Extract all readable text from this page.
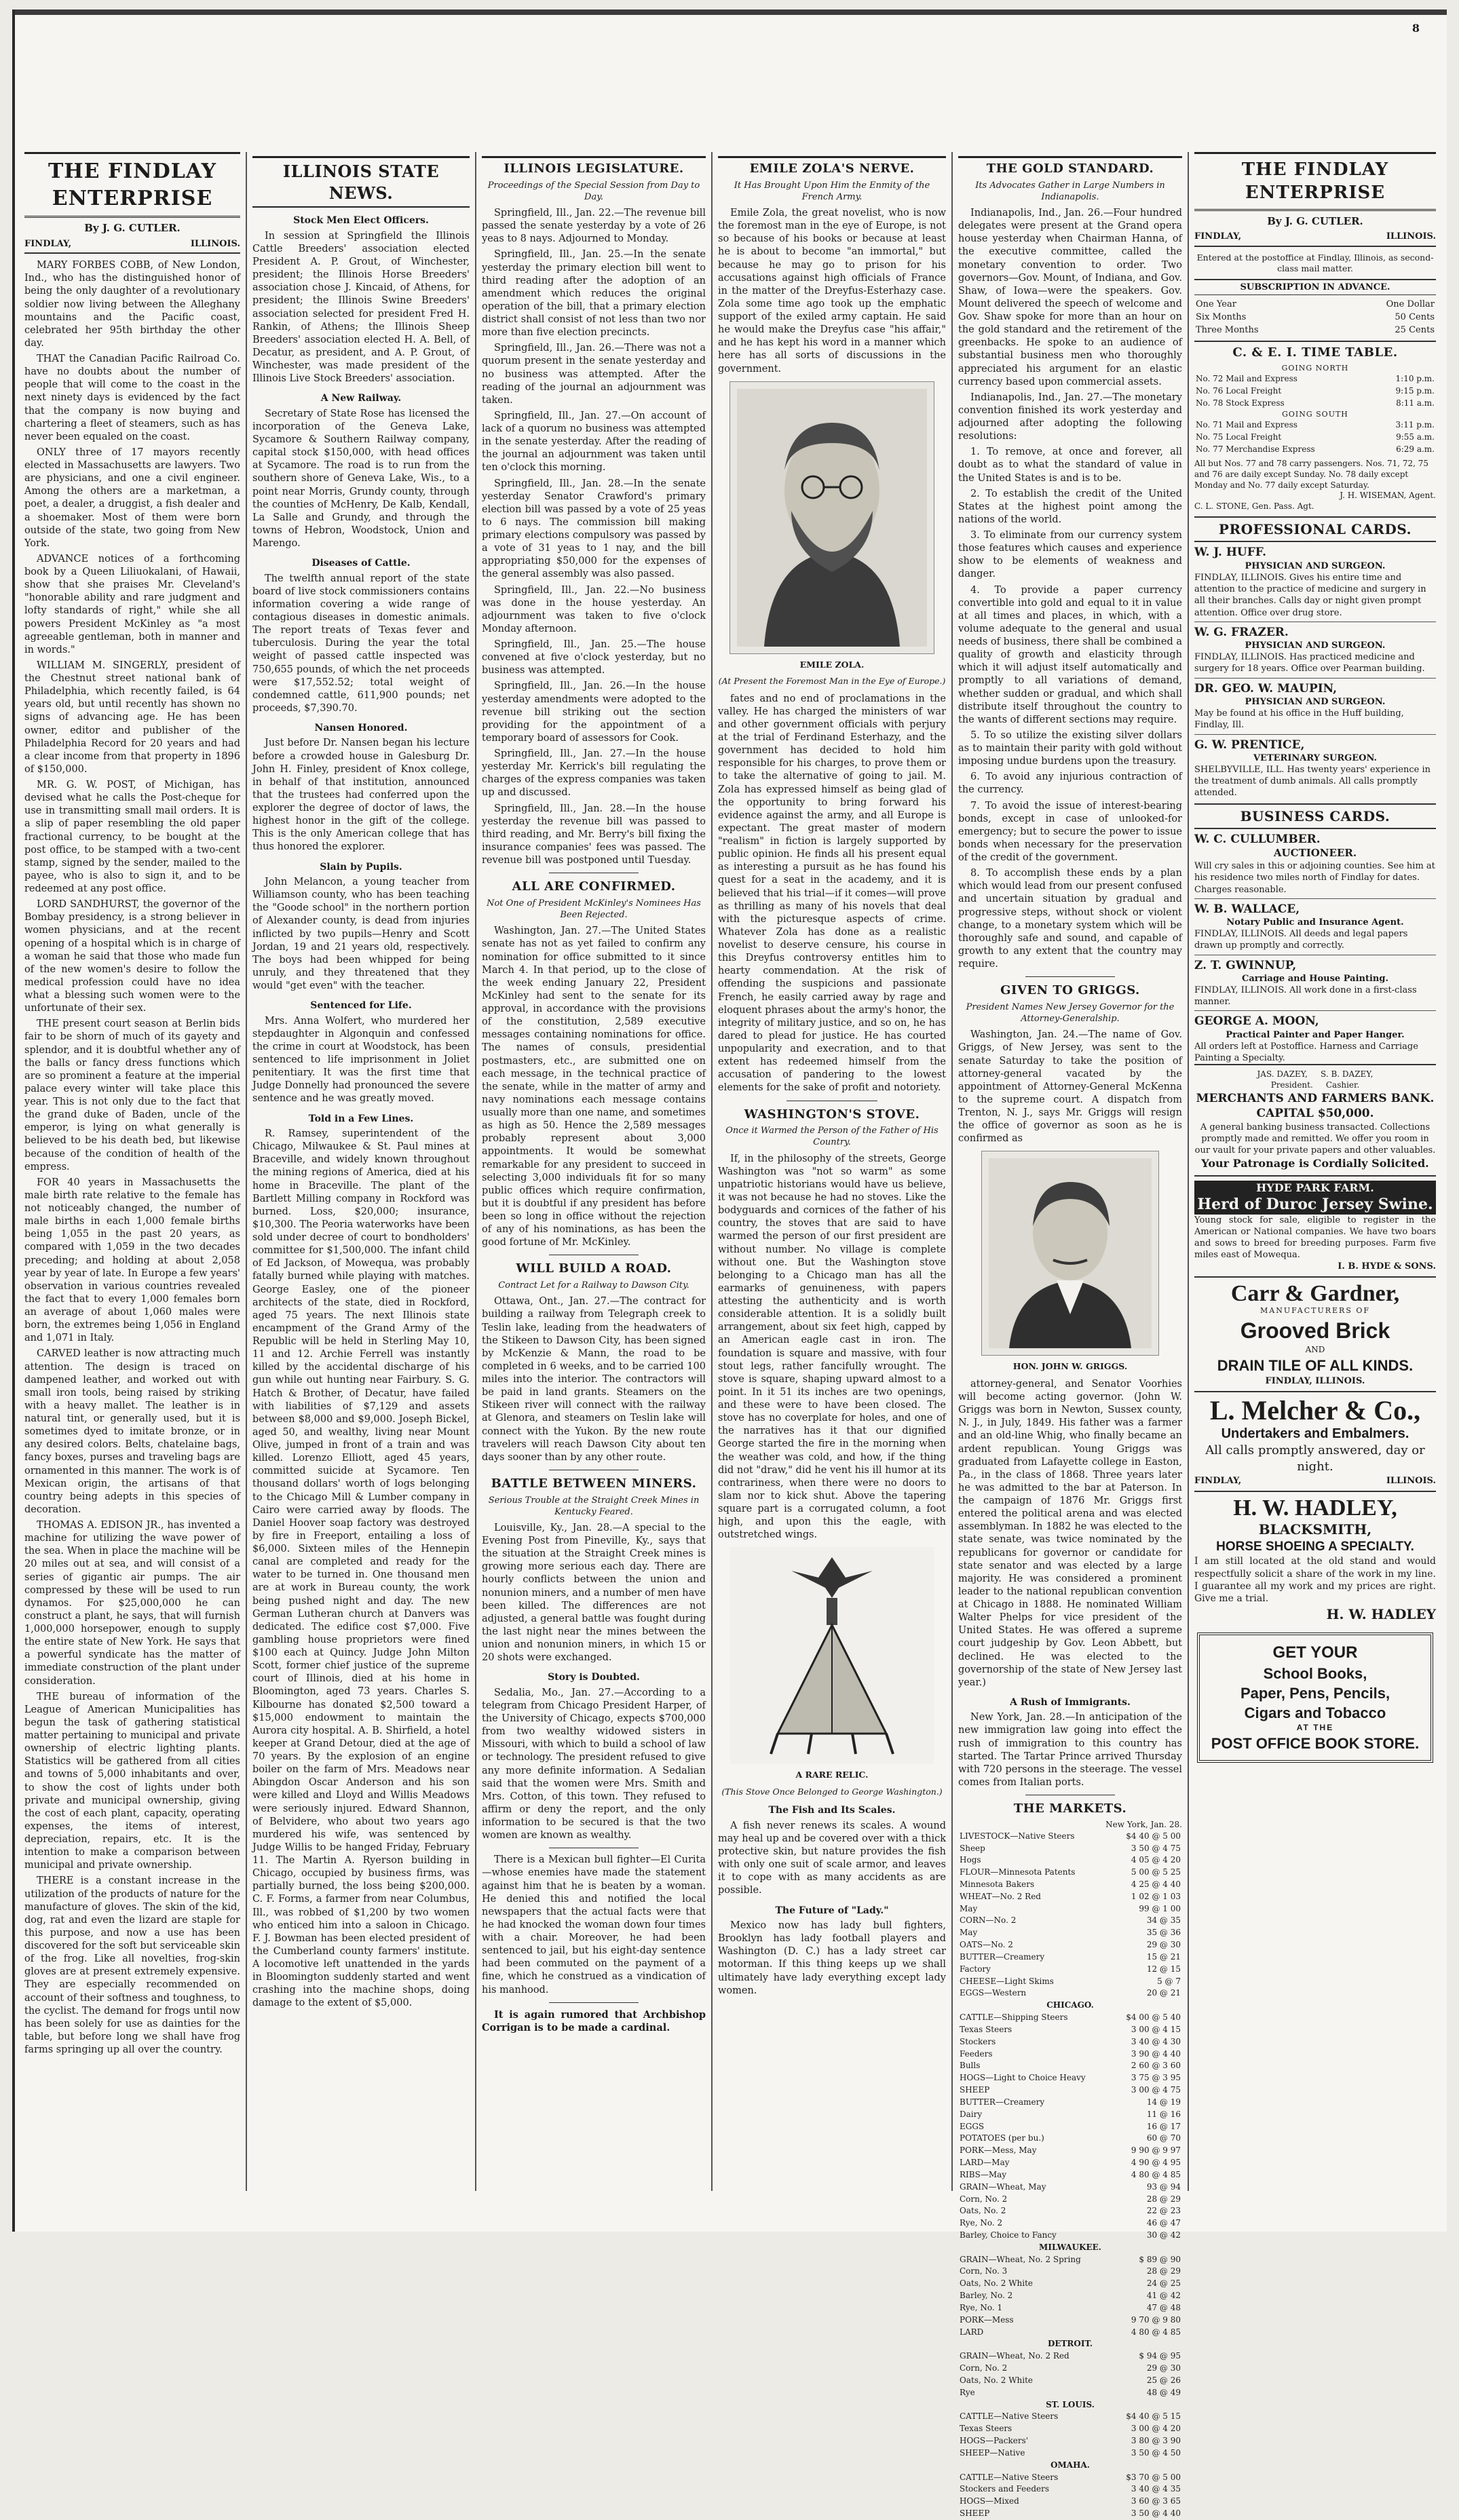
8
THE FINDLAY ENTERPRISE
By J. G. CUTLER.
FINDLAY,	ILLINOIS.

MARY FORBES COBB, of New London, Ind., who has the distinguished honor of being the only daughter of a revolutionary soldier now living between the Alleghany mountains and the Pacific coast, celebrated her 95th birthday the other day.

THAT the Canadian Pacific Railroad Co. have no doubts about the number of people that will come to the coast in the next ninety days is evidenced by the fact that the company is now buying and chartering a fleet of steamers, such as has never been equaled on the coast.

ONLY three of 17 mayors recently elected in Massachusetts are lawyers. Two are physicians, and one a civil engineer. Among the others are a marketman, a poet, a dealer, a druggist, a fish dealer and a shoemaker. Most of them were born outside of the state, two going from New York.

ADVANCE notices of a forthcoming book by a Queen Liliuokalani, of Hawaii, show that she praises Mr. Cleveland's "honorable ability and rare judgment and lofty standards of right," while she all powers President McKinley as "a most agreeable gentleman, both in manner and in words."

WILLIAM M. SINGERLY, president of the Chestnut street national bank of Philadelphia, which recently failed, is 64 years old, but until recently has shown no signs of advancing age. He has been owner, editor and publisher of the Philadelphia Record for 20 years and had a clear income from that property in 1896 of $150,000.

MR. G. W. POST, of Michigan, has devised what he calls the Post-cheque for use in transmitting small mail orders. It is a slip of paper resembling the old paper fractional currency, to be bought at the post office, to be stamped with a two-cent stamp, signed by the sender, mailed to the payee, who is also to sign it, and to be redeemed at any post office.

LORD SANDHURST, the governor of the Bombay presidency, is a strong believer in women physicians, and at the recent opening of a hospital which is in charge of a woman he said that those who made fun of the new women's desire to follow the medical profession could have no idea what a blessing such women were to the unfortunate of their sex.

THE present court season at Berlin bids fair to be shorn of much of its gayety and splendor, and it is doubtful whether any of the balls or fancy dress functions which are so prominent a feature at the imperial palace every winter will take place this year. This is not only due to the fact that the grand duke of Baden, uncle of the emperor, is lying on what generally is believed to be his death bed, but likewise because of the condition of health of the empress.

FOR 40 years in Massachusetts the male birth rate relative to the female has not noticeably changed, the number of male births in each 1,000 female births being 1,055 in the past 20 years, as compared with 1,059 in the two decades preceding; and holding at about 2,058 year by year of late. In Europe a few years' observation in various countries revealed the fact that to every 1,000 females born an average of about 1,060 males were born, the extremes being 1,056 in England and 1,071 in Italy.

CARVED leather is now attracting much attention. The design is traced on dampened leather, and worked out with small iron tools, being raised by striking with a heavy mallet. The leather is in natural tint, or generally used, but it is sometimes dyed to imitate bronze, or in any desired colors. Belts, chatelaine bags, fancy boxes, purses and traveling bags are ornamented in this manner. The work is of Mexican origin, the artisans of that country being adepts in this species of decoration.

THOMAS A. EDISON JR., has invented a machine for utilizing the wave power of the sea. When in place the machine will be 20 miles out at sea, and will consist of a series of gigantic air pumps. The air compressed by these will be used to run dynamos. For $25,000,000 he can construct a plant, he says, that will furnish 1,000,000 horsepower, enough to supply the entire state of New York. He says that a powerful syndicate has the matter of immediate construction of the plant under consideration.

THE bureau of information of the League of American Municipalities has begun the task of gathering statistical matter pertaining to municipal and private ownership of electric lighting plants. Statistics will be gathered from all cities and towns of 5,000 inhabitants and over, to show the cost of lights under both private and municipal ownership, giving the cost of each plant, capacity, operating expenses, the items of interest, depreciation, repairs, etc. It is the intention to make a comparison between municipal and private ownership.

THERE is a constant increase in the utilization of the products of nature for the manufacture of gloves. The skin of the kid, dog, rat and even the lizard are staple for this purpose, and now a use has been discovered for the soft but serviceable skin of the frog. Like all novelties, frog-skin gloves are at present extremely expensive. They are especially recommended on account of their softness and toughness, to the cyclist. The demand for frogs until now has been solely for use as dainties for the table, but before long we shall have frog farms springing up all over the country.

ILLINOIS STATE NEWS.
Stock Men Elect Officers.

In session at Springfield the Illinois Cattle Breeders' association elected President A. P. Grout, of Winchester, president; the Illinois Horse Breeders' association chose J. Kincaid, of Athens, for president; the Illinois Swine Breeders' association selected for president Fred H. Rankin, of Athens; the Illinois Sheep Breeders' association elected H. A. Bell, of Decatur, as president, and A. P. Grout, of Winchester, was made president of the Illinois Live Stock Breeders' association.

A New Railway.

Secretary of State Rose has licensed the incorporation of the Geneva Lake, Sycamore & Southern Railway company, capital stock $150,000, with head offices at Sycamore. The road is to run from the southern shore of Geneva Lake, Wis., to a point near Morris, Grundy county, through the counties of McHenry, De Kalb, Kendall, La Salle and Grundy, and through the towns of Hebron, Woodstock, Union and Marengo.

Diseases of Cattle.

The twelfth annual report of the state board of live stock commissioners contains information covering a wide range of contagious diseases in domestic animals. The report treats of Texas fever and tuberculosis. During the year the total weight of passed cattle inspected was 750,655 pounds, of which the net proceeds were $17,552.52; total weight of condemned cattle, 611,900 pounds; net proceeds, $7,390.70.

Nansen Honored.

Just before Dr. Nansen began his lecture before a crowded house in Galesburg Dr. John H. Finley, president of Knox college, in behalf of that institution, announced that the trustees had conferred upon the explorer the degree of doctor of laws, the highest honor in the gift of the college. This is the only American college that has thus honored the explorer.

Slain by Pupils.

John Melancon, a young teacher from Williamson county, who has been teaching the "Goode school" in the northern portion of Alexander county, is dead from injuries inflicted by two pupils—Henry and Scott Jordan, 19 and 21 years old, respectively. The boys had been whipped for being unruly, and they threatened that they would "get even" with the teacher.

Sentenced for Life.

Mrs. Anna Wolfert, who murdered her stepdaughter in Algonquin and confessed the crime in court at Woodstock, has been sentenced to life imprisonment in Joliet penitentiary. It was the first time that Judge Donnelly had pronounced the severe sentence and he was greatly moved.

Told in a Few Lines.

R. Ramsey, superintendent of the Chicago, Milwaukee & St. Paul mines at Braceville, and widely known throughout the mining regions of America, died at his home in Braceville. The plant of the Bartlett Milling company in Rockford was burned. Loss, $20,000; insurance, $10,300. The Peoria waterworks have been sold under decree of court to bondholders' committee for $1,500,000. The infant child of Ed Jackson, of Mowequa, was probably fatally burned while playing with matches. George Easley, one of the pioneer architects of the state, died in Rockford, aged 75 years. The next Illinois state encampment of the Grand Army of the Republic will be held in Sterling May 10, 11 and 12. Archie Ferrell was instantly killed by the accidental discharge of his gun while out hunting near Fairbury. S. G. Hatch & Brother, of Decatur, have failed with liabilities of $7,129 and assets between $8,000 and $9,000. Joseph Bickel, aged 50, and wealthy, living near Mount Olive, jumped in front of a train and was killed. Lorenzo Elliott, aged 45 years, committed suicide at Sycamore. Ten thousand dollars' worth of logs belonging to the Chicago Mill & Lumber company in Cairo were carried away by floods. The Daniel Hoover soap factory was destroyed by fire in Freeport, entailing a loss of $6,000. Sixteen miles of the Hennepin canal are completed and ready for the water to be turned in. One thousand men are at work in Bureau county, the work being pushed night and day. The new German Lutheran church at Danvers was dedicated. The edifice cost $7,000. Five gambling house proprietors were fined $100 each at Quincy. Judge John Milton Scott, former chief justice of the supreme court of Illinois, died at his home in Bloomington, aged 73 years. Charles S. Kilbourne has donated $2,500 toward a $15,000 endowment to maintain the Aurora city hospital. A. B. Shirfield, a hotel keeper at Grand Detour, died at the age of 70 years. By the explosion of an engine boiler on the farm of Mrs. Meadows near Abingdon Oscar Anderson and his son were killed and Lloyd and Willis Meadows were seriously injured. Edward Shannon, of Belvidere, who about two years ago murdered his wife, was sentenced by Judge Willis to be hanged Friday, February 11. The Martin A. Ryerson building in Chicago, occupied by business firms, was partially burned, the loss being $200,000. C. F. Forms, a farmer from near Columbus, Ill., was robbed of $1,200 by two women who enticed him into a saloon in Chicago. F. J. Bowman has been elected president of the Cumberland county farmers' institute. A locomotive left unattended in the yards in Bloomington suddenly started and went crashing into the machine shops, doing damage to the extent of $5,000.

ILLINOIS LEGISLATURE.
Proceedings of the Special Session from Day to Day.

Springfield, Ill., Jan. 22.—The revenue bill passed the senate yesterday by a vote of 26 yeas to 8 nays. Adjourned to Monday.

Springfield, Ill., Jan. 25.—In the senate yesterday the primary election bill went to third reading after the adoption of an amendment which reduces the original operation of the bill, that a primary election district shall consist of not less than two nor more than five election precincts.

Springfield, Ill., Jan. 26.—There was not a quorum present in the senate yesterday and no business was attempted. After the reading of the journal an adjournment was taken.

Springfield, Ill., Jan. 27.—On account of lack of a quorum no business was attempted in the senate yesterday. After the reading of the journal an adjournment was taken until ten o'clock this morning.

Springfield, Ill., Jan. 28.—In the senate yesterday Senator Crawford's primary election bill was passed by a vote of 25 yeas to 6 nays. The commission bill making primary elections compulsory was passed by a vote of 31 yeas to 1 nay, and the bill appropriating $50,000 for the expenses of the general assembly was also passed.

Springfield, Ill., Jan. 22.—No business was done in the house yesterday. An adjournment was taken to five o'clock Monday afternoon.

Springfield, Ill., Jan. 25.—The house convened at five o'clock yesterday, but no business was attempted.

Springfield, Ill., Jan. 26.—In the house yesterday amendments were adopted to the revenue bill striking out the section providing for the appointment of a temporary board of assessors for Cook.

Springfield, Ill., Jan. 27.—In the house yesterday Mr. Kerrick's bill regulating the charges of the express companies was taken up and discussed.

Springfield, Ill., Jan. 28.—In the house yesterday the revenue bill was passed to third reading, and Mr. Berry's bill fixing the insurance companies' fees was passed. The revenue bill was postponed until Tuesday.

ALL ARE CONFIRMED.
Not One of President McKinley's Nominees Has Been Rejected.

Washington, Jan. 27.—The United States senate has not as yet failed to confirm any nomination for office submitted to it since March 4. In that period, up to the close of the week ending January 22, President McKinley had sent to the senate for its approval, in accordance with the provisions of the constitution, 2,589 executive messages containing nominations for office. The names of consuls, presidential postmasters, etc., are submitted one on each message, in the technical practice of the senate, while in the matter of army and navy nominations each message contains usually more than one name, and sometimes as high as 50. Hence the 2,589 messages probably represent about 3,000 appointments. It would be somewhat remarkable for any president to succeed in selecting 3,000 individuals fit for so many public offices which require confirmation, but it is doubtful if any president has before been so long in office without the rejection of any of his nominations, as has been the good fortune of Mr. McKinley.

WILL BUILD A ROAD.
Contract Let for a Railway to Dawson City.

Ottawa, Ont., Jan. 27.—The contract for building a railway from Telegraph creek to Teslin lake, leading from the headwaters of the Stikeen to Dawson City, has been signed by McKenzie & Mann, the road to be completed in 6 weeks, and to be carried 100 miles into the interior. The contractors will be paid in land grants. Steamers on the Stikeen river will connect with the railway at Glenora, and steamers on Teslin lake will connect with the Yukon. By the new route travelers will reach Dawson City about ten days sooner than by any other route.

BATTLE BETWEEN MINERS.
Serious Trouble at the Straight Creek Mines in Kentucky Feared.

Louisville, Ky., Jan. 28.—A special to the Evening Post from Pineville, Ky., says that the situation at the Straight Creek mines is growing more serious each day. There are hourly conflicts between the union and nonunion miners, and a number of men have been killed. The differences are not adjusted, a general battle was fought during the last night near the mines between the union and nonunion miners, in which 15 or 20 shots were exchanged.

Story is Doubted.

Sedalia, Mo., Jan. 27.—According to a telegram from Chicago President Harper, of the University of Chicago, expects $700,000 from two wealthy widowed sisters in Missouri, with which to build a school of law or technology. The president refused to give any more definite information. A Sedalian said that the women were Mrs. Smith and Mrs. Cotton, of this town. They refused to affirm or deny the report, and the only information to be secured is that the two women are known as wealthy.

There is a Mexican bull fighter—El Curita—whose enemies have made the statement against him that he is beaten by a woman. He denied this and notified the local newspapers that the actual facts were that he had knocked the woman down four times with a chair. Moreover, he had been sentenced to jail, but his eight-day sentence had been commuted on the payment of a fine, which he construed as a vindication of his manhood.

It is again rumored that Archbishop Corrigan is to be made a cardinal.

EMILE ZOLA'S NERVE.
It Has Brought Upon Him the Enmity of the French Army.

Emile Zola, the great novelist, who is now the foremost man in the eye of Europe, is not so because of his books or because at least he is about to become "an immortal," but because he may go to prison for his accusations against high officials of France in the matter of the Dreyfus-Esterhazy case. Zola some time ago took up the emphatic support of the exiled army captain. He said he would make the Dreyfus case "his affair," and he has kept his word in a manner which here has all sorts of discussions in the government.

EMILE ZOLA.
(At Present the Foremost Man in the Eye of Europe.)

fates and no end of proclamations in the valley. He has charged the ministers of war and other government officials with perjury at the trial of Ferdinand Esterhazy, and the government has decided to hold him responsible for his charges, to prove them or to take the alternative of going to jail. M. Zola has expressed himself as being glad of the opportunity to bring forward his evidence against the army, and all Europe is expectant. The great master of modern "realism" in fiction is largely supported by public opinion. He finds all his present equal as interesting a pursuit as he has found his quest for a seat in the academy, and it is believed that his trial—if it comes—will prove as thrilling as many of his novels that deal with the picturesque aspects of crime. Whatever Zola has done as a realistic novelist to deserve censure, his course in this Dreyfus controversy entitles him to hearty commendation. At the risk of offending the suspicions and passionate French, he easily carried away by rage and eloquent phrases about the army's honor, the integrity of military justice, and so on, he has dared to plead for justice. He has courted unpopularity and execration, and to that extent has redeemed himself from the accusation of pandering to the lowest elements for the sake of profit and notoriety.

WASHINGTON'S STOVE.
Once it Warmed the Person of the Father of His Country.

If, in the philosophy of the streets, George Washington was "not so warm" as some unpatriotic historians would have us believe, it was not because he had no stoves. Like the bodyguards and cornices of the father of his country, the stoves that are said to have warmed the person of our first president are without number. No village is complete without one. But the Washington stove belonging to a Chicago man has all the earmarks of genuineness, with papers attesting the authenticity and is worth considerable attention. It is a solidly built arrangement, about six feet high, capped by an American eagle cast in iron. The foundation is square and massive, with four stout legs, rather fancifully wrought. The stove is square, shaping upward almost to a point. In it 51 its inches are two openings, and these were to have been closed. The stove has no coverplate for holes, and one of the narratives has it that our dignified George started the fire in the morning when the weather was cold, and how, if the thing did not "draw," did he vent his ill humor at its contrariness, when there were no doors to slam nor to kick shut. Above the tapering square part is a corrugated column, a foot high, and upon this the eagle, with outstretched wings.

A RARE RELIC.
(This Stove Once Belonged to George Washington.)
The Fish and Its Scales.

A fish never renews its scales. A wound may heal up and be covered over with a thick protective skin, but nature provides the fish with only one suit of scale armor, and leaves it to cope with as many accidents as are possible.

The Future of "Lady."

Mexico now has lady bull fighters, Brooklyn has lady football players and Washington (D. C.) has a lady street car motorman. If this thing keeps up we shall ultimately have lady everything except lady women.

THE GOLD STANDARD.
Its Advocates Gather in Large Numbers in Indianapolis.

Indianapolis, Ind., Jan. 26.—Four hundred delegates were present at the Grand opera house yesterday when Chairman Hanna, of the executive committee, called the monetary convention to order. Two governors—Gov. Mount, of Indiana, and Gov. Shaw, of Iowa—were the speakers. Gov. Mount delivered the speech of welcome and Gov. Shaw spoke for more than an hour on the gold standard and the retirement of the greenbacks. He spoke to an audience of substantial business men who thoroughly appreciated his argument for an elastic currency based upon commercial assets.

Indianapolis, Ind., Jan. 27.—The monetary convention finished its work yesterday and adjourned after adopting the following resolutions:

1. To remove, at once and forever, all doubt as to what the standard of value in the United States is and is to be.

2. To establish the credit of the United States at the highest point among the nations of the world.

3. To eliminate from our currency system those features which causes and experience show to be elements of weakness and danger.

4. To provide a paper currency convertible into gold and equal to it in value at all times and places, in which, with a volume adequate to the general and usual needs of business, there shall be combined a quality of growth and elasticity through which it will adjust itself automatically and promptly to all variations of demand, whether sudden or gradual, and which shall distribute itself throughout the country to the wants of different sections may require.

5. To so utilize the existing silver dollars as to maintain their parity with gold without imposing undue burdens upon the treasury.

6. To avoid any injurious contraction of the currency.

7. To avoid the issue of interest-bearing bonds, except in case of unlooked-for emergency; but to secure the power to issue bonds when necessary for the preservation of the credit of the government.

8. To accomplish these ends by a plan which would lead from our present confused and uncertain situation by gradual and progressive steps, without shock or violent change, to a monetary system which will be thoroughly safe and sound, and capable of growth to any extent that the country may require.

GIVEN TO GRIGGS.
President Names New Jersey Governor for the Attorney-Generalship.

Washington, Jan. 24.—The name of Gov. Griggs, of New Jersey, was sent to the senate Saturday to take the position of attorney-general vacated by the appointment of Attorney-General McKenna to the supreme court. A dispatch from Trenton, N. J., says Mr. Griggs will resign the office of governor as soon as he is confirmed as

HON. JOHN W. GRIGGS.

attorney-general, and Senator Voorhies will become acting governor. (John W. Griggs was born in Newton, Sussex county, N. J., in July, 1849. His father was a farmer and an old-line Whig, who finally became an ardent republican. Young Griggs was graduated from Lafayette college in Easton, Pa., in the class of 1868. Three years later he was admitted to the bar at Paterson. In the campaign of 1876 Mr. Griggs first entered the political arena and was elected assemblyman. In 1882 he was elected to the state senate, was twice nominated by the republicans for governor or candidate for state senator and was elected by a large majority. He was considered a prominent leader to the national republican convention at Chicago in 1888. He nominated William Walter Phelps for vice president of the United States. He was offered a supreme court judgeship by Gov. Leon Abbett, but declined. He was elected to the governorship of the state of New Jersey last year.)

A Rush of Immigrants.

New York, Jan. 28.—In anticipation of the new immigration law going into effect the rush of immigration to this country has started. The Tartar Prince arrived Thursday with 720 persons in the steerage. The vessel comes from Italian ports.

THE MARKETS.
New York, Jan. 28.
LIVESTOCK—Native Steers	$4 40 @ 5 00
Sheep	3 50 @ 4 75
Hogs	4 05 @ 4 20
FLOUR—Minnesota Patents	5 00 @ 5 25
Minnesota Bakers	4 25 @ 4 40
WHEAT—No. 2 Red	1 02 @ 1 03
May	99 @ 1 00
CORN—No. 2	34 @ 35
May	35 @ 36
OATS—No. 2	29 @ 30
BUTTER—Creamery	15 @ 21
Factory	12 @ 15
CHEESE—Light Skims	5 @ 7
EGGS—Western	20 @ 21
CHICAGO.	
CATTLE—Shipping Steers	$4 00 @ 5 40
Texas Steers	3 00 @ 4 15
Stockers	3 40 @ 4 30
Feeders	3 90 @ 4 40
Bulls	2 60 @ 3 60
HOGS—Light to Choice Heavy	3 75 @ 3 95
SHEEP	3 00 @ 4 75
BUTTER—Creamery	14 @ 19
Dairy	11 @ 16
EGGS	16 @ 17
POTATOES (per bu.)	60 @ 70
PORK—Mess, May	9 90 @ 9 97
LARD—May	4 90 @ 4 95
RIBS—May	4 80 @ 4 85
GRAIN—Wheat, May	93 @ 94
Corn, No. 2	28 @ 29
Oats, No. 2	22 @ 23
Rye, No. 2	46 @ 47
Barley, Choice to Fancy	30 @ 42
MILWAUKEE.	
GRAIN—Wheat, No. 2 Spring	$ 89 @ 90
Corn, No. 3	28 @ 29
Oats, No. 2 White	24 @ 25
Barley, No. 2	41 @ 42
Rye, No. 1	47 @ 48
PORK—Mess	9 70 @ 9 80
LARD	4 80 @ 4 85
DETROIT.	
GRAIN—Wheat, No. 2 Red	$ 94 @ 95
Corn, No. 2	29 @ 30
Oats, No. 2 White	25 @ 26
Rye	48 @ 49
ST. LOUIS.	
CATTLE—Native Steers	$4 40 @ 5 15
Texas Steers	3 00 @ 4 20
HOGS—Packers'	3 80 @ 3 90
SHEEP—Native	3 50 @ 4 50
OMAHA.	
CATTLE—Native Steers	$3 70 @ 5 00
Stockers and Feeders	3 40 @ 4 35
HOGS—Mixed	3 60 @ 3 65
SHEEP	3 50 @ 4 40
THE FINDLAY ENTERPRISE
By J. G. CUTLER.
FINDLAY,	ILLINOIS.
Entered at the postoffice at Findlay, Illinois, as second-class mail matter.
SUBSCRIPTION IN ADVANCE.
One Year	One Dollar
Six Months	50 Cents
Three Months	25 Cents
C. & E. I. TIME TABLE.
GOING NORTH
No. 72 Mail and Express	1:10 p.m.
No. 76 Local Freight	9:15 p.m.
No. 78 Stock Express	8:11 a.m.
GOING SOUTH
No. 71 Mail and Express	3:11 p.m.
No. 75 Local Freight	9:55 a.m.
No. 77 Merchandise Express	6:29 a.m.
All but Nos. 77 and 78 carry passengers. Nos. 71, 72, 75 and 76 are daily except Sunday. No. 78 daily except Monday and No. 77 daily except Saturday.
J. H. WISEMAN, Agent.
C. L. STONE, Gen. Pass. Agt.
PROFESSIONAL CARDS.
W. J. HUFF.
PHYSICIAN AND SURGEON.
FINDLAY, ILLINOIS. Gives his entire time and attention to the practice of medicine and surgery in all their branches. Calls day or night given prompt attention. Office over drug store.
W. G. FRAZER.
PHYSICIAN AND SURGEON.
FINDLAY, ILLINOIS. Has practiced medicine and surgery for 18 years. Office over Pearman building.
DR. GEO. W. MAUPIN,
PHYSICIAN AND SURGEON.
May be found at his office in the Huff building, Findlay, Ill.
G. W. PRENTICE,
VETERINARY SURGEON.
SHELBYVILLE, ILL. Has twenty years' experience in the treatment of dumb animals. All calls promptly attended.
BUSINESS CARDS.
W. C. CULLUMBER.
AUCTIONEER.
Will cry sales in this or adjoining counties. See him at his residence two miles north of Findlay for dates. Charges reasonable.
W. B. WALLACE,
Notary Public and Insurance Agent.
FINDLAY, ILLINOIS. All deeds and legal papers drawn up promptly and correctly.
Z. T. GWINNUP,
Carriage and House Painting.
FINDLAY, ILLINOIS. All work done in a first-class manner.
GEORGE A. MOON,
Practical Painter and Paper Hanger.
All orders left at Postoffice. Harness and Carriage Painting a Specialty.
JAS. DAZEY,     S. B. DAZEY,
President.     Cashier.
MERCHANTS AND FARMERS BANK.
CAPITAL $50,000.
A general banking business transacted. Collections promptly made and remitted. We offer you room in our vault for your private papers and other valuables.
Your Patronage is Cordially Solicited.
HYDE PARK FARM.
Herd of Duroc Jersey Swine.
Young stock for sale, eligible to register in the American or National companies. We have two boars and sows to breed for breeding purposes. Farm five miles east of Mowequa.
I. B. HYDE & SONS.
Carr & Gardner,
MANUFACTURERS OF
Grooved Brick
AND
DRAIN TILE OF ALL KINDS.
FINDLAY, ILLINOIS.
L. Melcher & Co.,
Undertakers and Embalmers.
All calls promptly answered, day or night.
FINDLAY,	ILLINOIS.
H. W. HADLEY,
BLACKSMITH,
HORSE SHOEING A SPECIALTY.
I am still located at the old stand and would respectfully solicit a share of the work in my line. I guarantee all my work and my prices are right. Give me a trial.
H. W. HADLEY
GET YOUR
School Books,
Paper, Pens, Pencils,
Cigars and Tobacco
AT THE
POST OFFICE BOOK STORE.
